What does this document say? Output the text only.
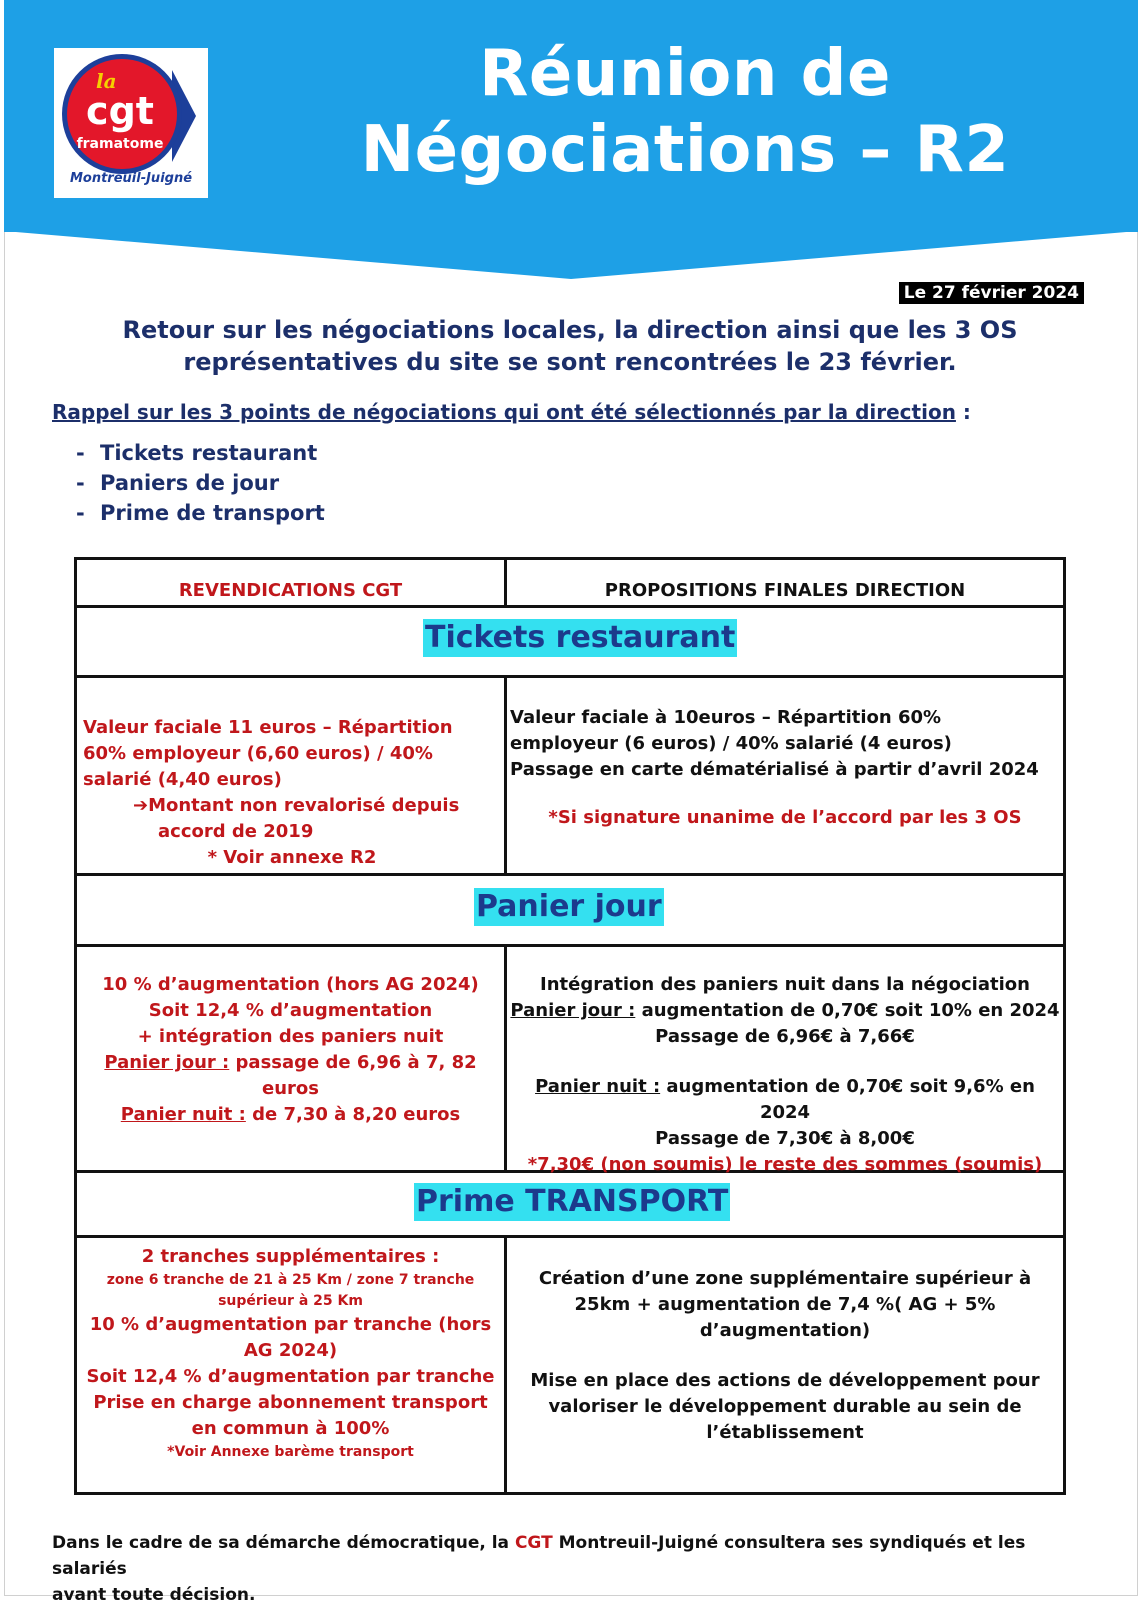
la
cgt
framatome
Montreuil-Juigné
Réunion de
Négociations – R2
Le 27 février 2024
Retour sur les négociations locales, la direction ainsi que les 3 OS
représentatives du site se sont rencontrées le 23 février.
Rappel sur les 3 points de négociations qui ont été sélectionnés par la direction :
- Tickets restaurant
- Paniers de jour
- Prime de transport
REVENDICATIONS CGT	PROPOSITIONS FINALES DIRECTION
Tickets restaurant
Valeur faciale 11 euros – Répartition
60% employeur (6,60 euros) / 40%
salarié (4,40 euros)
➔Montant non revalorisé depuis
accord de 2019
* Voir annexe R2
Valeur faciale à 10euros – Répartition 60%
employeur (6 euros) / 40% salarié (4 euros)
Passage en carte dématérialisé à partir d’avril 2024
*Si signature unanime de l’accord par les 3 OS
Panier jour
10 % d’augmentation (hors AG 2024)
Soit 12,4 % d’augmentation
+ intégration des paniers nuit
Panier jour : passage de 6,96 à 7, 82
euros
Panier nuit : de 7,30 à 8,20 euros
Intégration des paniers nuit dans la négociation
Panier jour : augmentation de 0,70€ soit 10% en 2024
Passage de 6,96€ à 7,66€
Panier nuit : augmentation de 0,70€ soit 9,6% en 2024
Passage de 7,30€ à 8,00€
*7,30€ (non soumis) le reste des sommes (soumis)
Prime TRANSPORT
2 tranches supplémentaires :
zone 6 tranche de 21 à 25 Km / zone 7 tranche
supérieur à 25 Km
10 % d’augmentation par tranche (hors
AG 2024)
Soit 12,4 % d’augmentation par tranche
Prise en charge abonnement transport
en commun à 100%
*Voir Annexe barème transport
Création d’une zone supplémentaire supérieur à
25km + augmentation de 7,4 %( AG + 5%
d’augmentation)
Mise en place des actions de développement pour
valoriser le développement durable au sein de
l’établissement
Dans le cadre de sa démarche démocratique, la CGT Montreuil-Juigné consultera ses syndiqués et les salariés
avant toute décision.
